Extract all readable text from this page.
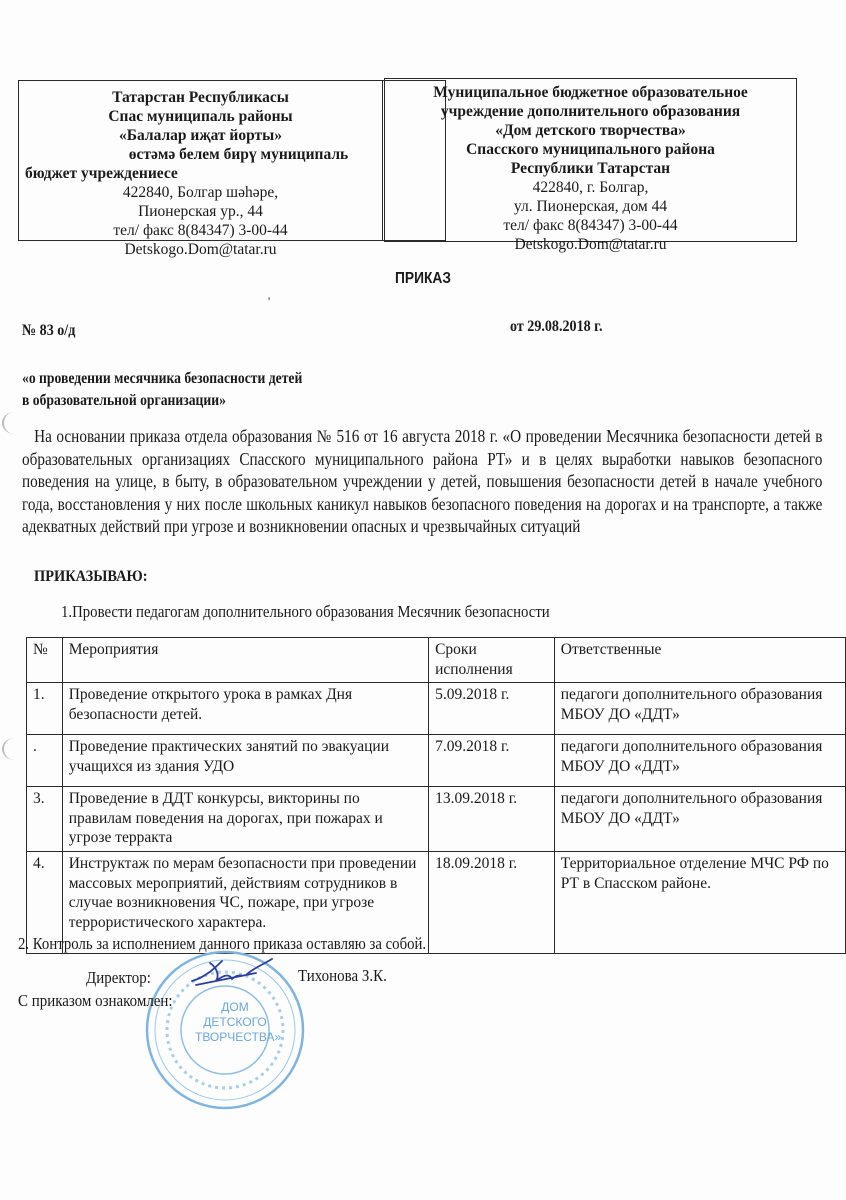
Татарстан Республикасы
Спас муниципаль районы
«Балалар иҗат йорты»
өстәмә белем бирү муниципаль
бюджет учреждениесе
422840, Болгар шәһәре,
Пионерская ур., 44
тел/ факс 8(84347) 3-00-44
Detskogo.Dom@tatar.ru
Муниципальное бюджетное образовательное
учреждение дополнительного образования
«Дом детского творчества»
Спасского муниципального района
Республики Татарстан
422840, г. Болгар,
ул. Пионерская, дом 44
тел/ факс 8(84347) 3-00-44
Detskogo.Dom@tatar.ru
ПРИКАЗ
'
№ 83 о/д	от 29.08.2018 г.
«о проведении месячника безопасности детей
в образовательной организации»

На основании приказа отдела образования № 516 от 16 августа 2018 г. «О проведении Месячника безопасности детей в образовательных организациях Спасского муниципального района РТ» и в целях выработки навыков безопасного поведения на улице, в быту, в образовательном учреждении у детей, повышения безопасности детей в начале учебного года, восстановления у них после школьных каникул навыков безопасного поведения на дорогах и на транспорте, а также адекватных действий при угрозе и возникновении опасных и чрезвычайных ситуаций

ПРИКАЗЫВАЮ:
1.Провести педагогам дополнительного образования Месячник безопасности
№	Мероприятия	Сроки исполнения	Ответственные
1.	Проведение открытого урока в рамках Дня безопасности детей.	5.09.2018 г.	педагоги дополнительного образования МБОУ ДО «ДДТ»
.	Проведение практических занятий по эвакуации учащихся из здания УДО	7.09.2018 г.	педагоги дополнительного образования МБОУ ДО «ДДТ»
3.	Проведение в ДДТ конкурсы, викторины по правилам поведения на дорогах, при пожарах и угрозе терракта	13.09.2018 г.	педагоги дополнительного образования МБОУ ДО «ДДТ»
4.	Инструктаж по мерам безопасности при проведении массовых мероприятий, действиям сотрудников в случае возникновения ЧС, пожаре, при угрозе террористического характера.	18.09.2018 г.	Территориальное отделение МЧС РФ по РТ в Спасском районе.
ДОМ
ДЕТСКОГО
ТВОРЧЕСТВА»
2. Контроль за исполнением данного приказа оставляю за собой.
Директор:	Тихонова З.К.
С приказом ознакомлен:
